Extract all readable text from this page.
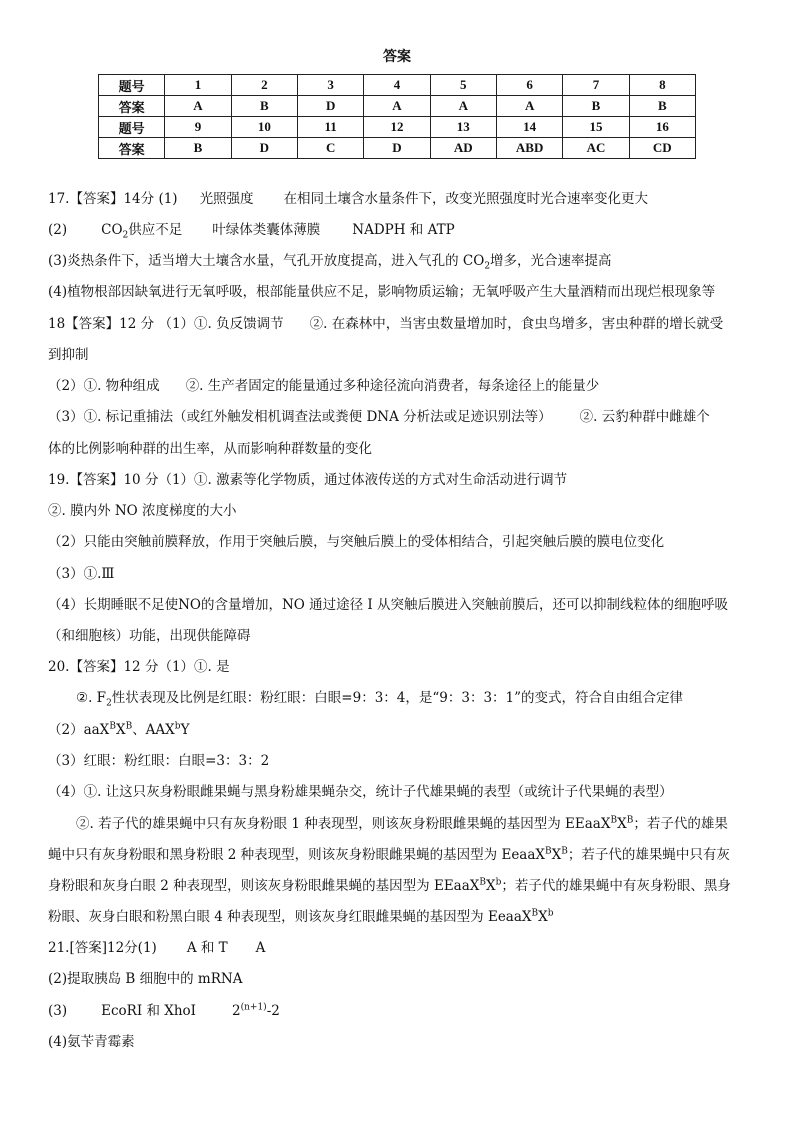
答案
题号	1	2	3	4	5	6	7	8
答案	A	B	D	A	A	A	B	B
题号	9	10	11	12	13	14	15	16
答案	B	D	C	D	AD	ABD	AC	CD
17.【答案】14分 (1) 光照强度 在相同土壤含水量条件下，改变光照强度时光合速率变化更大
(2)	$CO_2$供应不足 叶绿体类囊体薄膜 NADPH 和 ATP
(3)炎热条件下，适当增大土壤含水量，气孔开放度提高，进入气孔的 $CO_2$增多，光合速率提高
(4)植物根部因缺氧进行无氧呼吸，根部能量供应不足，影响物质运输；无氧呼吸产生大量酒精而出现烂根现象等
18【答案】12 分 （1）①. 负反馈调节 ②. 在森林中，当害虫数量增加时，食虫鸟增多，害虫种群的增长就受
到抑制
（2）①. 物种组成 ②. 生产者固定的能量通过多种途径流向消费者，每条途径上的能量少
（3）①. 标记重捕法（或红外触发相机调查法或粪便 DNA 分析法或足迹识别法等） ②. 云豹种群中雌雄个
体的比例影响种群的出生率，从而影响种群数量的变化
19.【答案】10 分（1）①. 激素等化学物质，通过体液传送的方式对生命活动进行调节
②. 膜内外 NO 浓度梯度的大小
（2）只能由突触前膜释放，作用于突触后膜，与突触后膜上的受体相结合，引起突触后膜的膜电位变化
（3）①.Ⅲ
（4）长期睡眠不足使NO的含量增加，NO 通过途径 I 从突触后膜进入突触前膜后，还可以抑制线粒体的细胞呼吸
（和细胞核）功能，出现供能障碍
20.【答案】12 分（1）①. 是
②. $F_2$性状表现及比例是红眼：粉红眼：白眼=9：3：4，是“9：3：3：1”的变式，符合自由组合定律
$(2)aaX^BX^B$、AAX$^b$Y
（3）红眼：粉红眼：白眼=3：3：2
（4）①. 让这只灰身粉眼雌果蝇与黑身粉雄果蝇杂交，统计子代雄果蝇的表型（或统计子代果蝇的表型）
②. 若子代的雄果蝇中只有灰身粉眼 1 种表现型，则该灰身粉眼雌果蝇的基因型为 $EEaaX^BX^B$；若子代的雄果
蝇中只有灰身粉眼和黑身粉眼 2 种表现型，则该灰身粉眼雌果蝇的基因型为 $EeaaX^BX^B$；若子代的雄果蝇中只有灰
身粉眼和灰身白眼 2 种表现型，则该灰身粉眼雌果蝇的基因型为 $EEaaX^BX^b$；若子代的雄果蝇中有灰身粉眼、黑身
粉眼、灰身白眼和粉黑白眼 4 种表现型，则该灰身红眼雌果蝇的基因型为 $EeaaX^BX^b$
21.[答案]12分(1) A 和 T A
(2)提取胰岛 B 细胞中的 mRNA
(3)	EcoRI 和 XhoI	$2^{(n+1)}-2$
(4)氨苄青霉素
